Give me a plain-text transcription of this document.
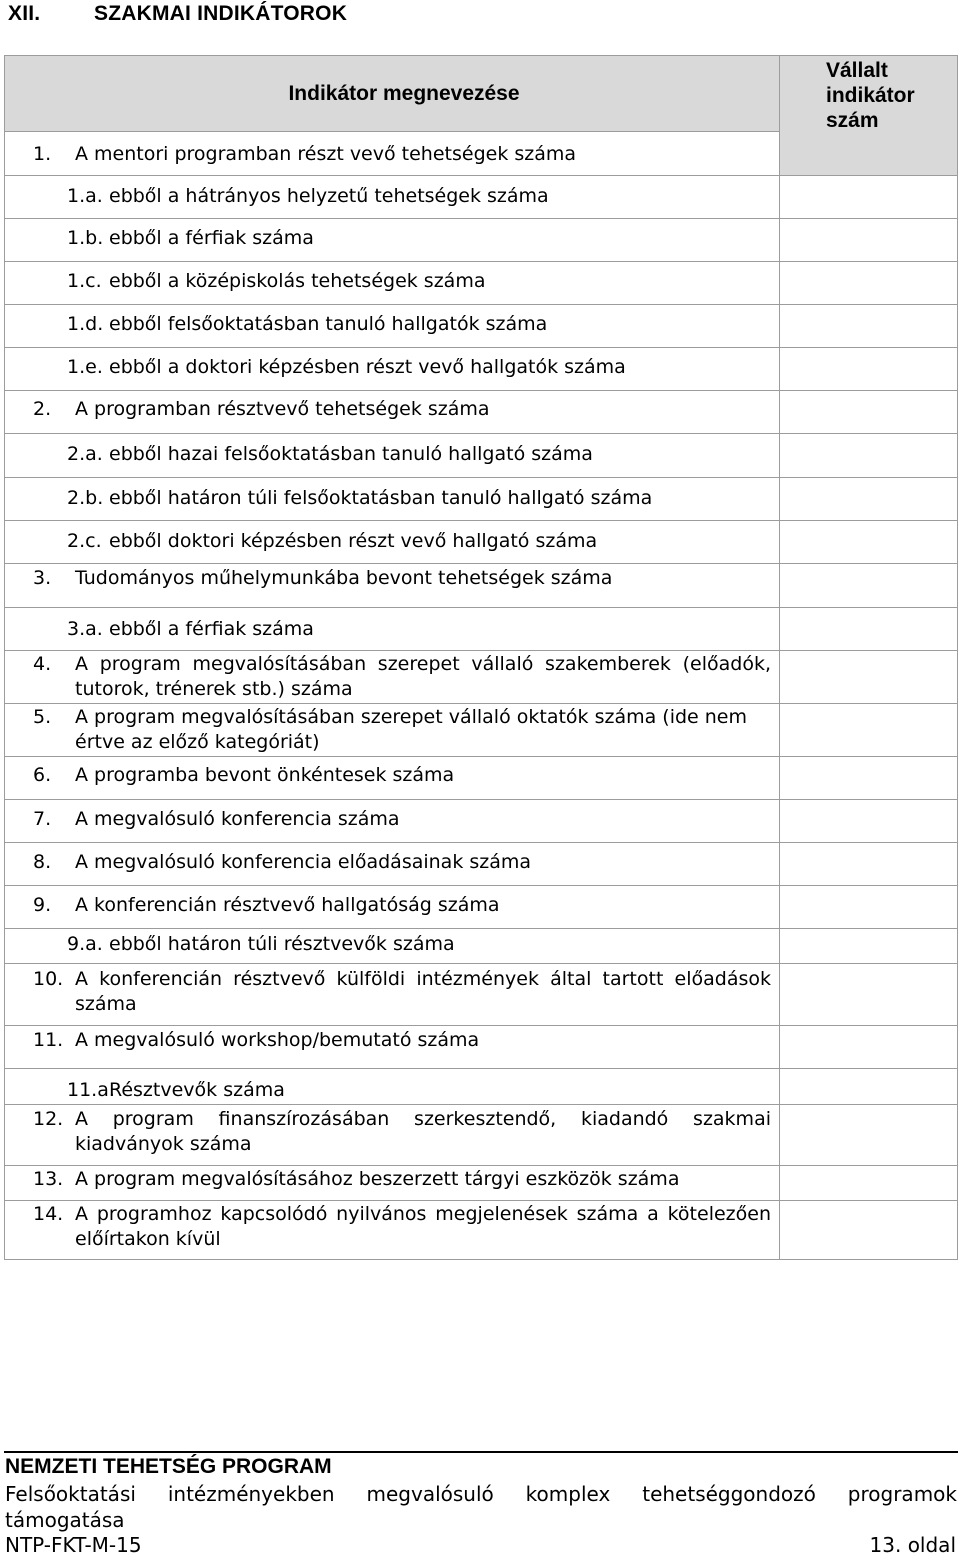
XII.	SZAKMAI INDIKÁTOROK
Indikátor megnevezése	Vállalt
indikátor
szám

1. A mentori programban részt vevő tehetségek száma	

1.a. ebből a hátrányos helyzetű tehetségek száma	

1.b. ebből a férfiak száma	

1.c. ebből a középiskolás tehetségek száma	

1.d. ebből felsőoktatásban tanuló hallgatók száma	

1.e. ebből a doktori képzésben részt vevő hallgatók száma	

2. A programban résztvevő tehetségek száma	

2.a. ebből hazai felsőoktatásban tanuló hallgató száma	

2.b. ebből határon túli felsőoktatásban tanuló hallgató száma	

2.c. ebből doktori képzésben részt vevő hallgató száma	

3. Tudományos műhelymunkába bevont tehetségek száma	

3.a. ebből a férfiak száma	

4. A program megvalósításában szerepet vállaló szakemberek (előadók, tutorok, trénerek stb.) száma	

5. A program megvalósításában szerepet vállaló oktatók száma (ide nem értve az előző kategóriát)	

6. A programba bevont önkéntesek száma	

7. A megvalósuló konferencia száma	

8. A megvalósuló konferencia előadásainak száma	

9. A konferencián résztvevő hallgatóság száma	

9.a. ebből határon túli résztvevők száma	

10. A konferencián résztvevő külföldi intézmények által tartott előadások száma	

11. A megvalósuló workshop/bemutató száma	

11.a.
Résztvevők száma	

12. A program finanszírozásában szerkesztendő, kiadandó szakmai kiadványok száma	

13. A program megvalósításához beszerzett tárgyi eszközök száma	

14. A programhoz kapcsolódó nyilvános megjelenések száma a kötelezően előírtakon kívül	

NEMZETI TEHETSÉG PROGRAM
Felsőoktatási intézményekben megvalósuló komplex tehetséggondozó programok
támogatása
NTP-FKT-M-15	13. oldal
